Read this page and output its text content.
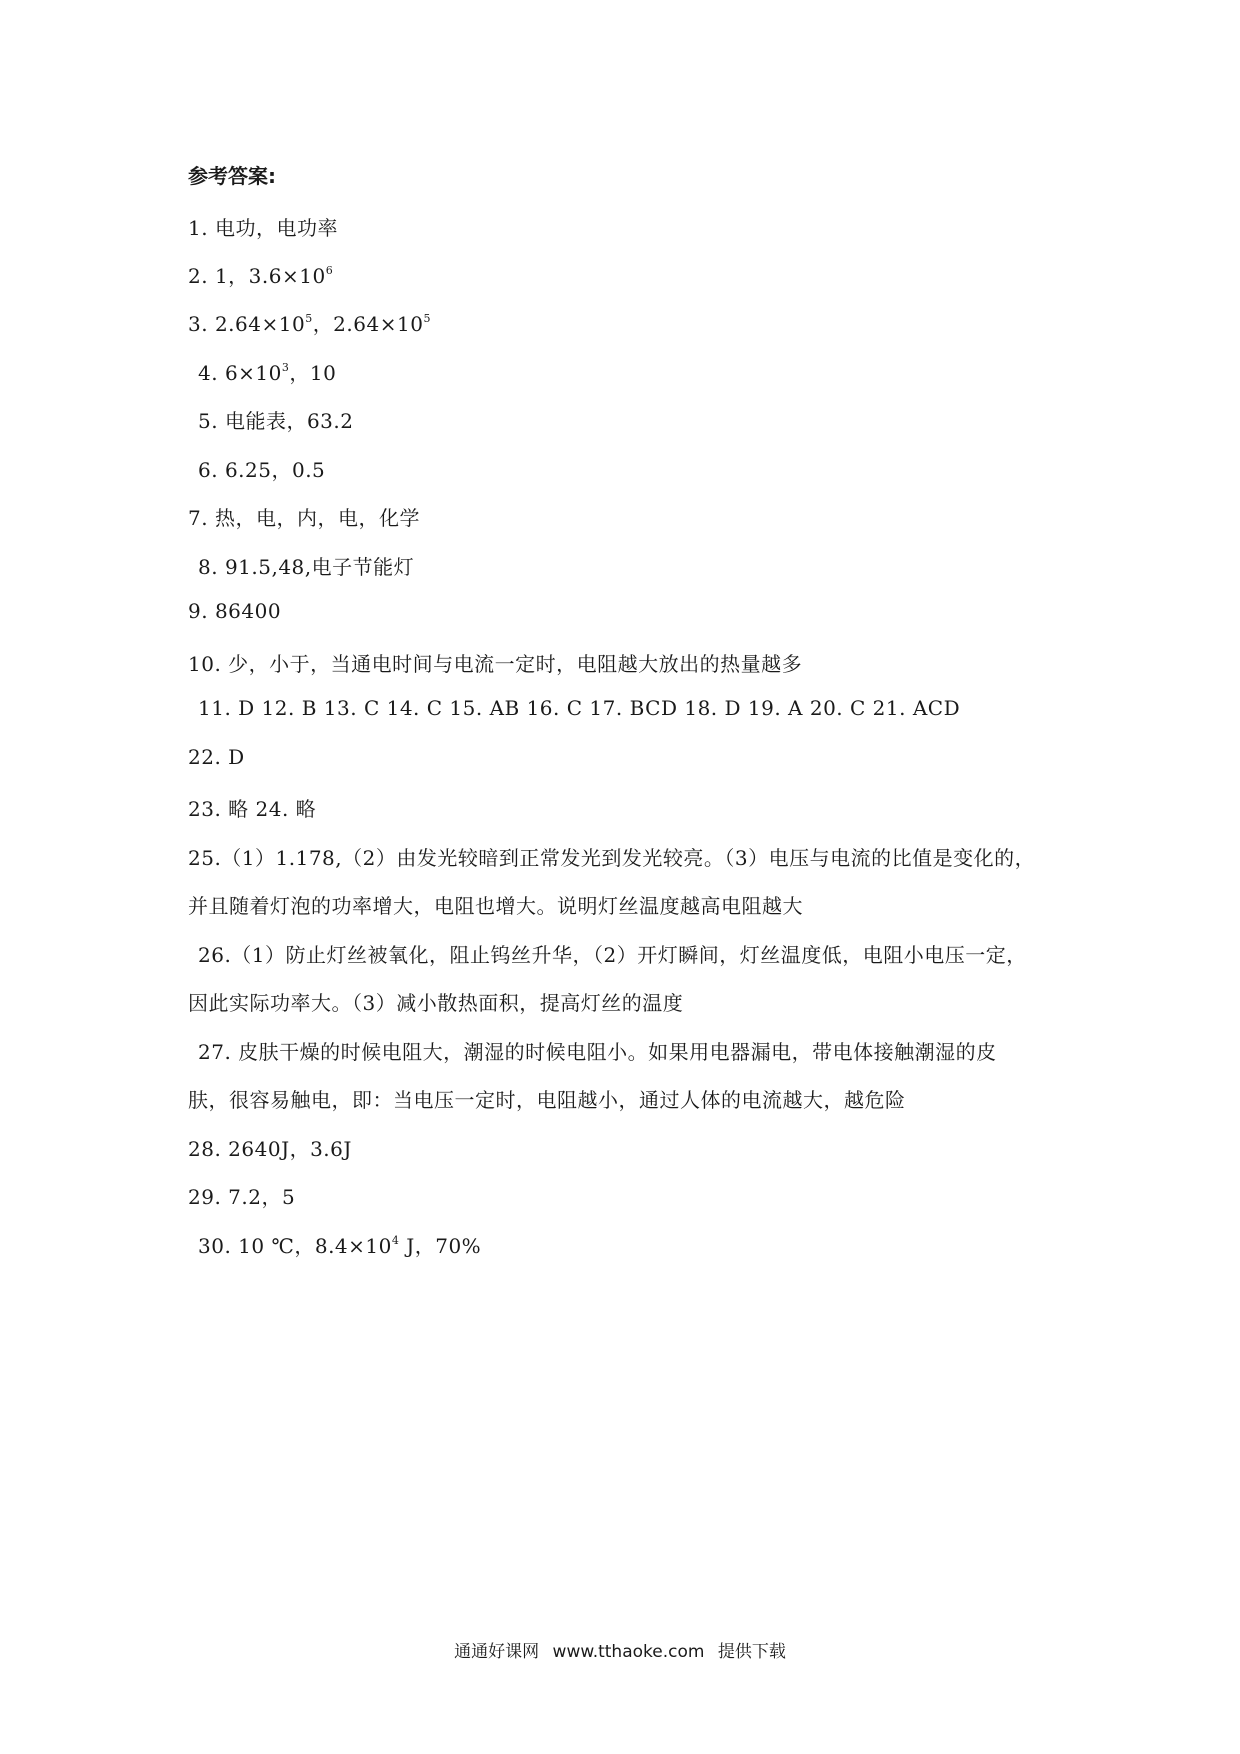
参考答案:
1. 电功，电功率
2. 1，$3.6\times 10^6$
3. $2.64\times 10^5$，$2.64\times 10^5$
4. $6\times 10^3$，10
5. 电能表，63.2
6. 6.25，0.5
7. 热，电，内，电，化学
8. 91.5,48,电子节能灯
9. 86400
10. 少，小于，当通电时间与电流一定时，电阻越大放出的热量越多
11. D 12. B 13. C 14. C 15. AB 16. C 17. BCD 18. D 19. A 20. C 21. ACD
22. D
23. 略 24. 略
25.（1）1.178,（2）由发光较暗到正常发光到发光较亮。（3）电压与电流的比值是变化的，
并且随着灯泡的功率增大，电阻也增大。说明灯丝温度越高电阻越大
26.（1）防止灯丝被氧化，阻止钨丝升华，（2）开灯瞬间，灯丝温度低，电阻小电压一定，
因此实际功率大。（3）减小散热面积，提高灯丝的温度
27. 皮肤干燥的时候电阻大，潮湿的时候电阻小。如果用电器漏电，带电体接触潮湿的皮
肤，很容易触电，即：当电压一定时，电阻越小，通过人体的电流越大，越危险
28. 2640J，3.6J
29. 7.2，5
30. 10 ℃，$8.4\times 10^4$ J，70%
通通好课网 www.tthaoke.com 提供下载
